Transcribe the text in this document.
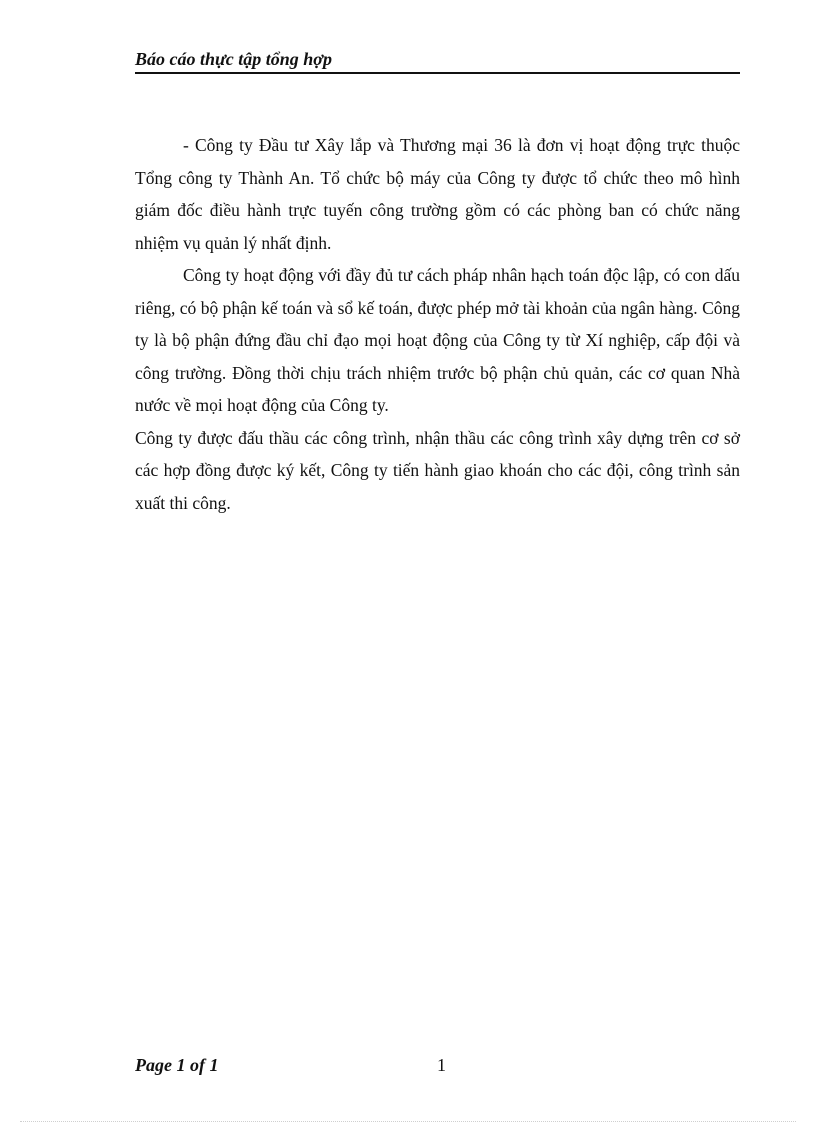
Báo cáo thực tập tổng hợp

- Công ty Đầu tư Xây lắp và Thương mại 36 là đơn vị hoạt động trực thuộc Tổng công ty Thành An. Tổ chức bộ máy của Công ty được tổ chức theo mô hình giám đốc điều hành trực tuyến công trường gồm có các phòng ban có chức năng nhiệm vụ quản lý nhất định.

Công ty hoạt động với đầy đủ tư cách pháp nhân hạch toán độc lập, có con dấu riêng, có bộ phận kế toán và sổ kế toán, được phép mở tài khoản của ngân hàng. Công ty là bộ phận đứng đầu chỉ đạo mọi hoạt động của Công ty từ Xí nghiệp, cấp đội và công trường. Đồng thời chịu trách nhiệm trước bộ phận chủ quản, các cơ quan Nhà nước về mọi hoạt động của Công ty.

Công ty được đấu thầu các công trình, nhận thầu các công trình xây dựng trên cơ sở các hợp đồng được ký kết, Công ty tiến hành giao khoán cho các đội, công trình sản xuất thi công.

Page 1 of 1	1
